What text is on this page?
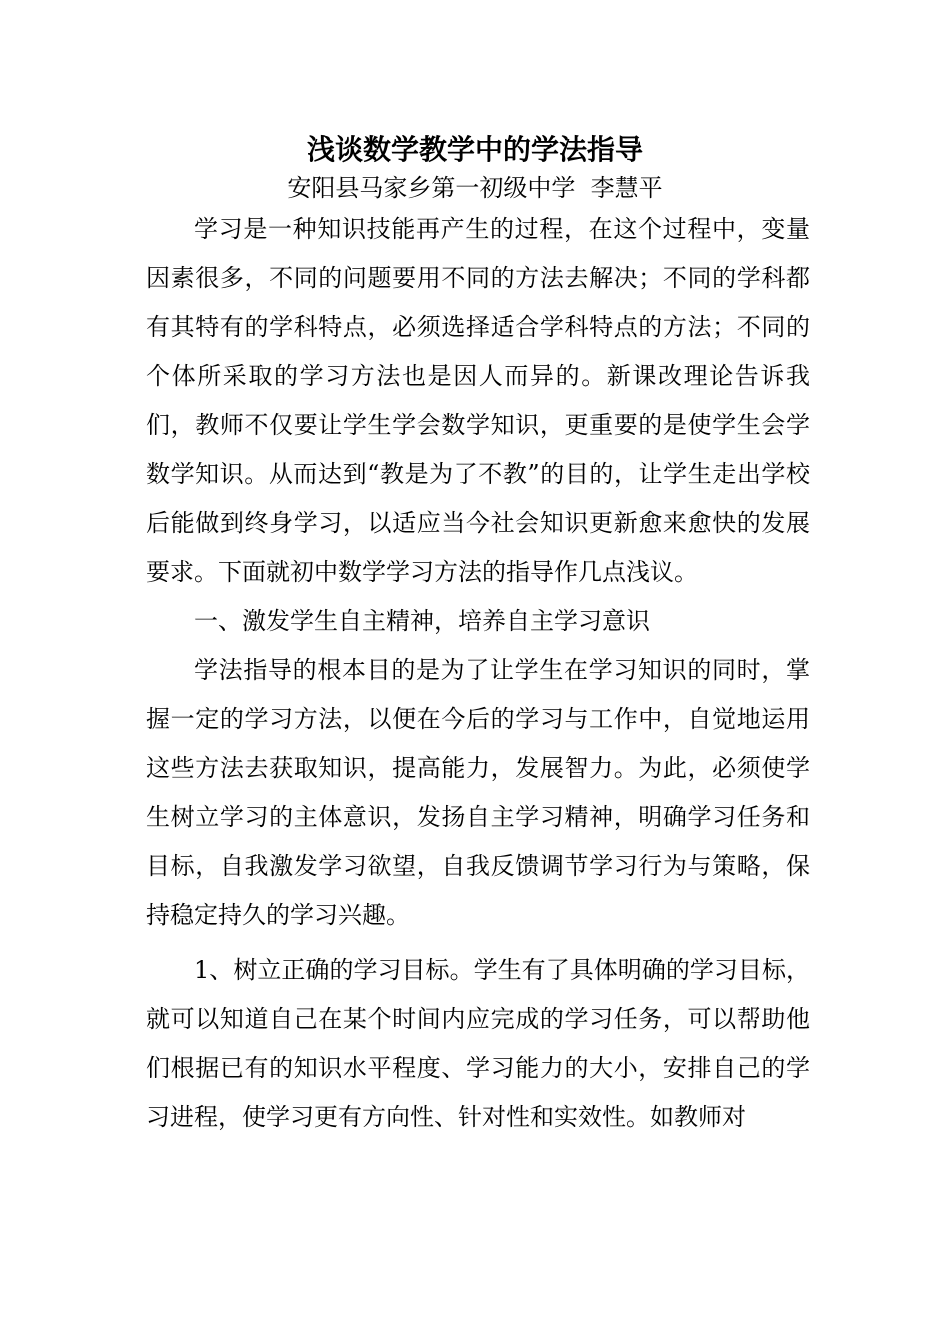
浅谈数学教学中的学法指导
安阳县马家乡第一初级中学  李慧平

学习是一种知识技能再产生的过程，在这个过程中，变量因素很多，不同的问题要用不同的方法去解决；不同的学科都有其特有的学科特点，必须选择适合学科特点的方法；不同的个体所采取的学习方法也是因人而异的。新课改理论告诉我们，教师不仅要让学生学会数学知识，更重要的是使学生会学数学知识。从而达到“教是为了不教”的目的，让学生走出学校后能做到终身学习，以适应当今社会知识更新愈来愈快的发展要求。下面就初中数学学习方法的指导作几点浅议。

一、激发学生自主精神，培养自主学习意识

学法指导的根本目的是为了让学生在学习知识的同时，掌握一定的学习方法，以便在今后的学习与工作中，自觉地运用这些方法去获取知识，提高能力，发展智力。为此，必须使学生树立学习的主体意识，发扬自主学习精神，明确学习任务和目标，自我激发学习欲望，自我反馈调节学习行为与策略，保持稳定持久的学习兴趣。

1、树立正确的学习目标。学生有了具体明确的学习目标，就可以知道自己在某个时间内应完成的学习任务，可以帮助他们根据已有的知识水平程度、学习能力的大小，安排自己的学习进程，使学习更有方向性、针对性和实效性。如教师对
